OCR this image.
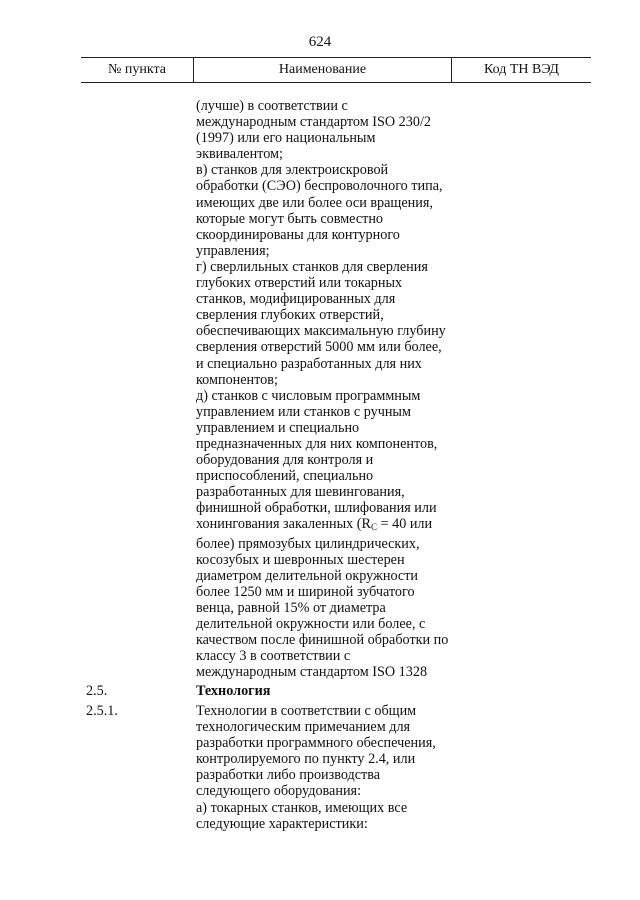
624
№ пункта	Наименование	Код ТН ВЭД
(лучше) в соответствии с
международным стандартом ISO 230/2
(1997) или его национальным
эквивалентом;
в) станков для электроискровой
обработки (СЭО) беспроволочного типа,
имеющих две или более оси вращения,
которые могут быть совместно
скоординированы для контурного
управления;
г) сверлильных станков для сверления
глубоких отверстий или токарных
станков, модифицированных для
сверления глубоких отверстий,
обеспечивающих максимальную глубину
сверления отверстий 5000 мм или более,
и специально разработанных для них
компонентов;
д) станков с числовым программным
управлением или станков с ручным
управлением и специально
предназначенных для них компонентов,
оборудования для контроля и
приспособлений, специально
разработанных для шевингования,
финишной обработки, шлифования или
хонингования закаленных ($R_C = 40$ или
более) прямозубых цилиндрических,
косозубых и шевронных шестерен
диаметром делительной окружности
более 1250 мм и шириной зубчатого
венца, равной 15% от диаметра
делительной окружности или более, с
качеством после финишной обработки по
классу 3 в соответствии с
международным стандартом ISO 1328
2.5.	Технология
2.5.1.	Технологии в соответствии с общим
технологическим примечанием для
разработки программного обеспечения,
контролируемого по пункту 2.4, или
разработки либо производства
следующего оборудования:
а) токарных станков, имеющих все
следующие характеристики:
